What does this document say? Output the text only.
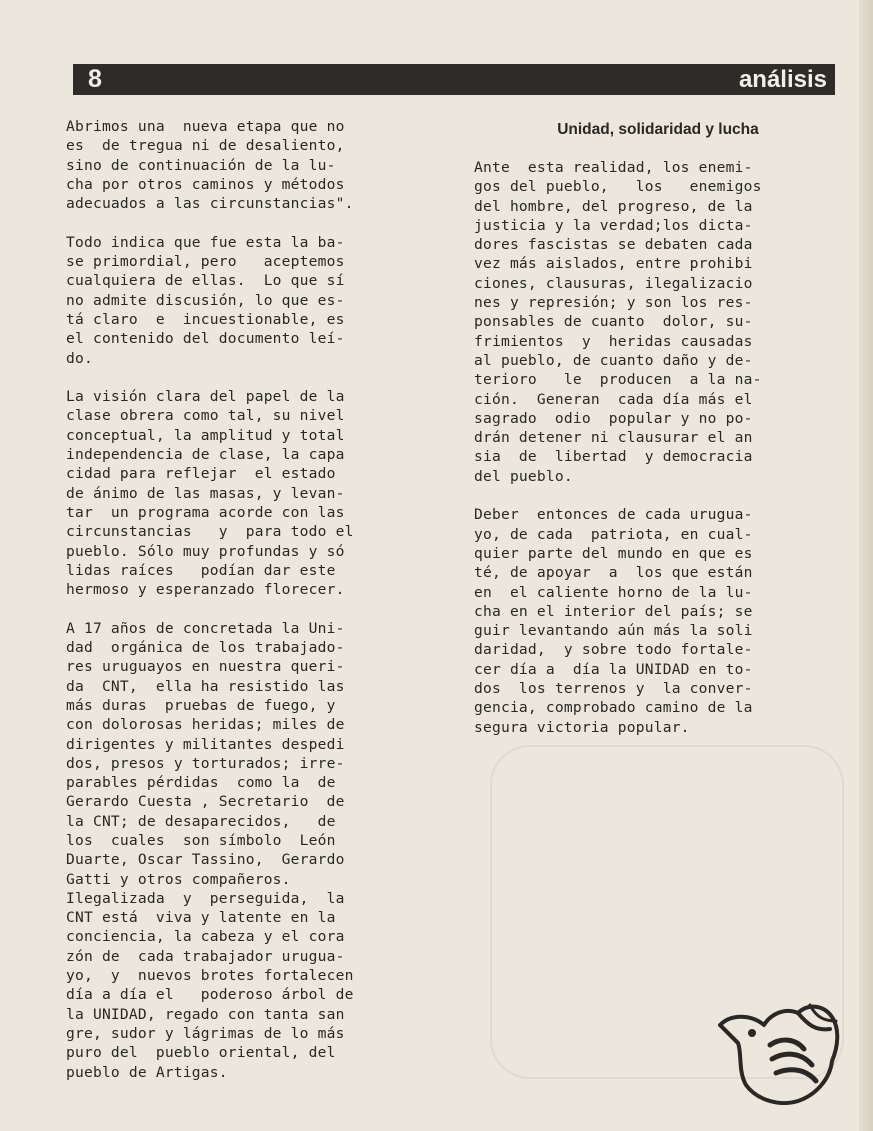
8	análisis

Abrimos una  nueva etapa que no
es  de tregua ni de desaliento,
sino de continuación de la lu-
cha por otros caminos y métodos
adecuados a las circunstancias".

Todo indica que fue esta la ba-
se primordial, pero   aceptemos
cualquiera de ellas.  Lo que sí
no admite discusión, lo que es-
tá claro  e  incuestionable, es
el contenido del documento leí-
do.

La visión clara del papel de la
clase obrera como tal, su nivel
conceptual, la amplitud y total
independencia de clase, la capa
cidad para reflejar  el estado
de ánimo de las masas, y levan-
tar  un programa acorde con las
circunstancias   y  para todo el
pueblo. Sólo muy profundas y só
lidas raíces   podían dar este
hermoso y esperanzado florecer.

A 17 años de concretada la Uni-
dad  orgánica de los trabajado-
res uruguayos en nuestra queri-
da  CNT,  ella ha resistido las
más duras  pruebas de fuego, y
con dolorosas heridas; miles de
dirigentes y militantes despedi
dos, presos y torturados; irre-
parables pérdidas  como la  de
Gerardo Cuesta , Secretario  de
la CNT; de desaparecidos,   de
los  cuales  son símbolo  León
Duarte, Oscar Tassino,  Gerardo
Gatti y otros compañeros.

Ilegalizada  y  perseguida,  la
CNT está  viva y latente en la
conciencia, la cabeza y el cora
zón de  cada trabajador urugua-
yo,  y  nuevos brotes fortalecen
día a día el   poderoso árbol de
la UNIDAD, regado con tanta san
gre, sudor y lágrimas de lo más
puro del  pueblo oriental, del
pueblo de Artigas.

Unidad, solidaridad y lucha

Ante  esta realidad, los enemi-
gos del pueblo,   los   enemigos
del hombre, del progreso, de la
justicia y la verdad;los dicta-
dores fascistas se debaten cada
vez más aislados, entre prohibi
ciones, clausuras, ilegalizacio
nes y represión; y son los res-
ponsables de cuanto  dolor, su-
frimientos  y  heridas causadas
al pueblo, de cuanto daño y de-
terioro   le  producen  a la na-
ción.  Generan  cada día más el
sagrado  odio  popular y no po-
drán detener ni clausurar el an
sia  de  libertad  y democracia
del pueblo.

Deber  entonces de cada urugua-
yo, de cada  patriota, en cual-
quier parte del mundo en que es
té, de apoyar  a  los que están
en  el caliente horno de la lu-
cha en el interior del país; se
guir levantando aún más la soli
daridad,  y sobre todo fortale-
cer día a  día la UNIDAD en to-
dos  los terrenos y  la conver-
gencia, comprobado camino de la
segura victoria popular.
